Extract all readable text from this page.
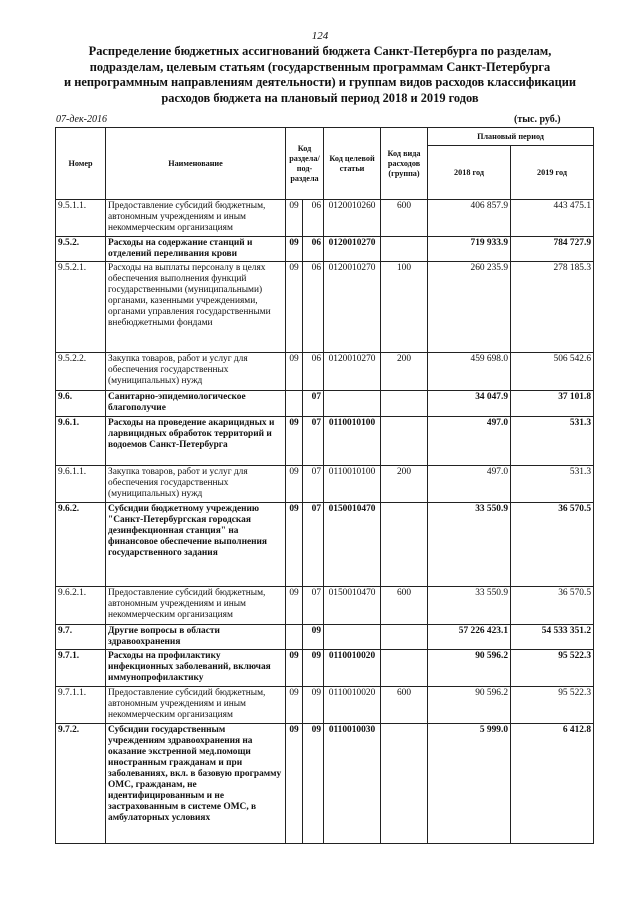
124
Распределение бюджетных ассигнований бюджета Санкт-Петербурга по разделам,
подразделам, целевым статьям (государственным программам Санкт-Петербурга
и непрограммным направлениям деятельности) и группам видов расходов классификации
расходов бюджета на плановый период 2018 и 2019 годов
07-дек-2016	(тыс. руб.)
Номер	Наименование	Код раздела/ под- раздела		Код целевой статьи	Код вида расходов (группа)	Плановый период	
						2018 год	2019 год
9.5.1.1.	Предоставление субсидий бюджетным, автономным учреждениям и иным некоммерческим организациям	09	06	0120010260	600	406 857.9	443 475.1
9.5.2.	Расходы на содержание станций и отделений переливания крови	09	06	0120010270		719 933.9	784 727.9
9.5.2.1.	Расходы на выплаты персоналу в целях обеспечения выполнения функций государственными (муниципальными) органами, казенными учреждениями, органами управления государственными внебюджетными фондами	09	06	0120010270	100	260 235.9	278 185.3
9.5.2.2.	Закупка товаров, работ и услуг для обеспечения государственных (муниципальных) нужд	09	06	0120010270	200	459 698.0	506 542.6
9.6.	Санитарно-эпидемиологическое благополучие		07			34 047.9	37 101.8
9.6.1.	Расходы на проведение акарицидных и ларвицидных обработок территорий и водоемов Санкт-Петербурга	09	07	0110010100		497.0	531.3
9.6.1.1.	Закупка товаров, работ и услуг для обеспечения государственных (муниципальных) нужд	09	07	0110010100	200	497.0	531.3
9.6.2.	Субсидии бюджетному учреждению "Санкт-Петербургская городская дезинфекционная станция" на финансовое обеспечение выполнения государственного задания	09	07	0150010470		33 550.9	36 570.5
9.6.2.1.	Предоставление субсидий бюджетным, автономным учреждениям и иным некоммерческим организациям	09	07	0150010470	600	33 550.9	36 570.5
9.7.	Другие вопросы в области здравоохранения		09			57 226 423.1	54 533 351.2
9.7.1.	Расходы на профилактику инфекционных заболеваний, включая иммунопрофилактику	09	09	0110010020		90 596.2	95 522.3
9.7.1.1.	Предоставление субсидий бюджетным, автономным учреждениям и иным некоммерческим организациям	09	09	0110010020	600	90 596.2	95 522.3
9.7.2.	Субсидии государственным учреждениям здравоохранения на оказание экстренной мед.помощи иностранным гражданам и при заболеваниях, вкл. в базовую программу ОМС, гражданам, не идентифицированным и не застрахованным в системе ОМС, в амбулаторных условиях	09	09	0110010030		5 999.0	6 412.8
